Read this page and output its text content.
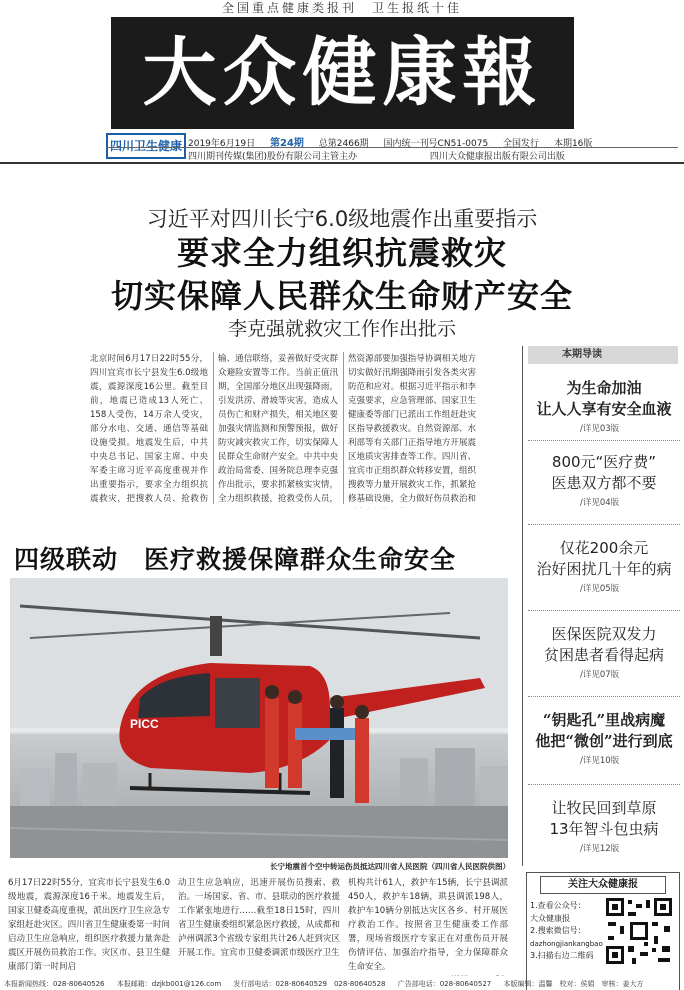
全国重点健康类报刊　卫生报纸十佳
大众健康報
四川卫生健康 2019年6月19日 第24期 总第2466期 国内统一刊号CN51-0075 全国发行 本期16版
四川期刊传媒(集团)股份有限公司主管主办	四川大众健康报出版有限公司出版
习近平对四川长宁6.0级地震作出重要指示
要求全力组织抗震救灾
切实保障人民群众生命财产安全
李克强就救灾工作作出批示
北京时间6月17日22时55分，四川宜宾市长宁县发生6.0级地震，震源深度16公里。截至目前，地震已造成13人死亡、158人受伤，14万余人受灾，部分水电、交通、通信等基础设施受损。地震发生后，中共中央总书记、国家主席、中央军委主席习近平高度重视并作出重要指示，要求全力组织抗震救灾，把搜救人员、抢救伤
输、通信联络，妥善做好受灾群众避险安置等工作。当前正值汛期，全国部分地区出现强降雨，引发洪涝、滑坡等灾害，造成人员伤亡和财产损失，相关地区要加强灾情监测和预警预报，做好防灾减灾救灾工作，切实保障人民群众生命财产安全。中共中央政治局常委、国务院总理李克强作出批示，要求抓紧核实灾情，全力组织救援，抢救受伤人员，
然资源部要加强指导协调相关地方切实做好汛期强降雨引发各类灾害防范和应对。根据习近平指示和李克强要求，应急管理部、国家卫生健康委等部门已派出工作组赶赴灾区指导救援救灾。自然资源部、水利部等有关部门正指导地方开展震区地质灾害排查等工作。四川省、宜宾市正组织群众转移安置，组织搜救等力量开展救灾工作，抓紧抢修基础设施，全力做好伤员救治和
本期导读
为生命加油
让人人享有安全血液
/详见03版
800元“医疗费”
医患双方都不要
/详见04版
仅花200余元
治好困扰几十年的病
/详见05版
医保医院双发力
贫困患者看得起病
/详见07版
“钥匙孔”里战病魔
他把“微创”进行到底
/详见10版
让牧民回到草原
13年智斗包虫病
/详见12版
四级联动　医疗救援保障群众生命安全
PICC
长宁地震首个空中转运伤员抵达四川省人民医院（四川省人民医院供图）
6月17日22时55分，宜宾市长宁县发生6.0级地震，震源深度16千米。地震发生后，国家卫健委高度重视，派出医疗卫生应急专家组赶赴灾区。四川省卫生健康委第一时间启动卫生应急响应，组织医疗救援力量奔赴震区开展伤员救治工作。灾区市、县卫生健康部门第一时间启
动卫生应急响应，迅速开展伤员搜索、救治。一场国家、省、市、县联动的医疗救援工作紧张地进行……截至18日15时，四川省卫生健康委组织紧急医疗救援，从成都和泸州调派3个省级专家组共计26人赶到灾区开展工作。宜宾市卫健委调派市级医疗卫生
机构共计61人，救护车15辆，长宁县调派450人，救护车18辆，珙县调派198人，救护车10辆分别抵达灾区各乡、村开展医疗救治工作。按照省卫生健康委工作部署，现场省级医疗专家正在对重伤员开展伤情评估、加强治疗指导，全力保障群众生命安全。
关注大众健康报
1.查看公众号：
大众健康报
2.搜索微信号：
dazhongjiankangbao
3.扫描右边二维码
本报新闻热线：028-80640526 本报邮箱：dzjkb001@126.com 发行部电话：028-80640529　028-80640528 广告部电话：028-80640527 本版编辑：温馨　校对：侯娟　审核：姜大方
